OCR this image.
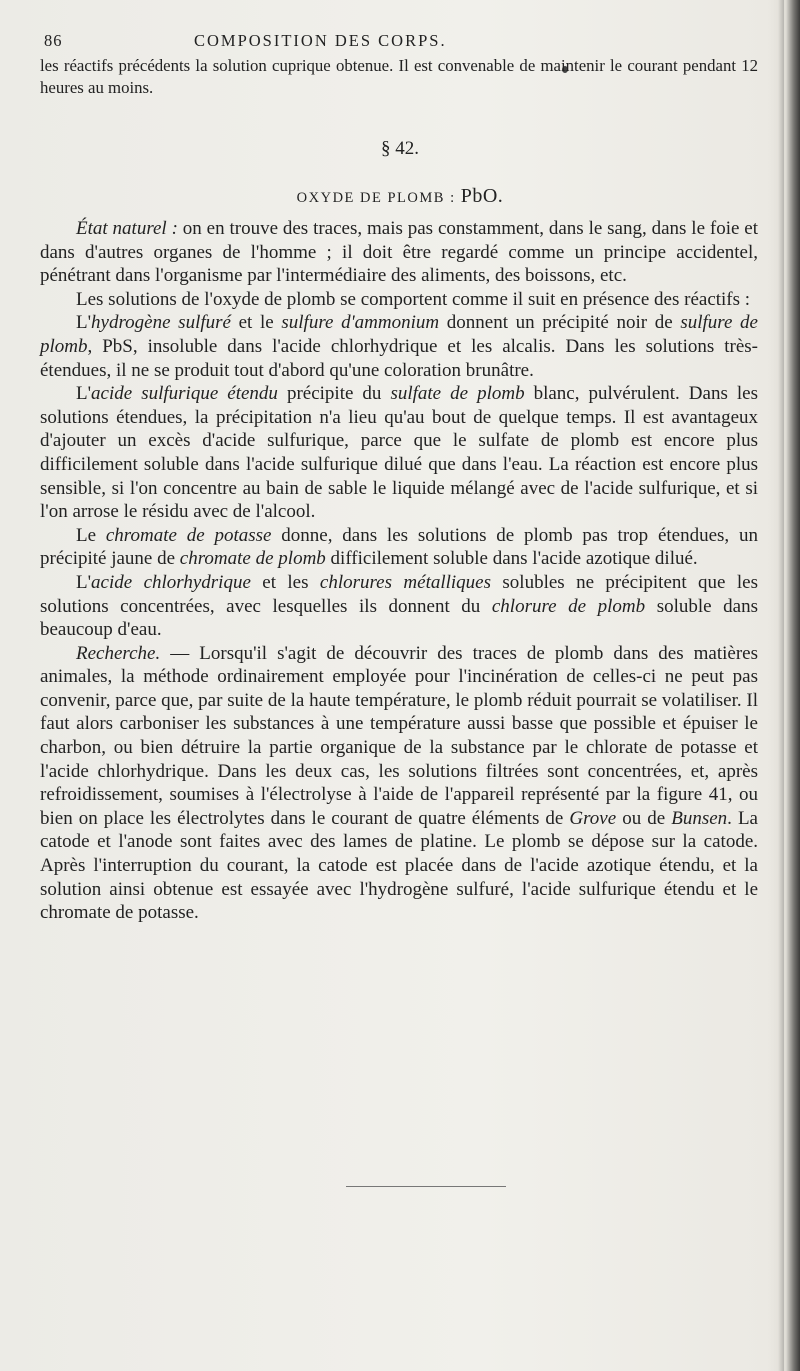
86	COMPOSITION DES CORPS.
les réactifs précédents la solution cuprique obtenue. Il est convenable de maintenir le courant pendant 12 heures au moins.
§ 42.
OXYDE DE PLOMB : PbO.

État naturel : on en trouve des traces, mais pas constamment, dans le sang, dans le foie et dans d'autres organes de l'homme ; il doit être regardé comme un principe accidentel, pénétrant dans l'organisme par l'intermédiaire des aliments, des boissons, etc.

Les solutions de l'oxyde de plomb se comportent comme il suit en présence des réactifs :

L'hydrogène sulfuré et le sulfure d'ammonium donnent un précipité noir de sulfure de plomb, PbS, insoluble dans l'acide chlorhydrique et les alcalis. Dans les solutions très-étendues, il ne se produit tout d'abord qu'une coloration brunâtre.

L'acide sulfurique étendu précipite du sulfate de plomb blanc, pulvérulent. Dans les solutions étendues, la précipitation n'a lieu qu'au bout de quelque temps. Il est avantageux d'ajouter un excès d'acide sulfurique, parce que le sulfate de plomb est encore plus difficilement soluble dans l'acide sulfurique dilué que dans l'eau. La réaction est encore plus sensible, si l'on concentre au bain de sable le liquide mélangé avec de l'acide sulfurique, et si l'on arrose le résidu avec de l'alcool.

Le chromate de potasse donne, dans les solutions de plomb pas trop étendues, un précipité jaune de chromate de plomb difficilement soluble dans l'acide azotique dilué.

L'acide chlorhydrique et les chlorures métalliques solubles ne précipitent que les solutions concentrées, avec lesquelles ils donnent du chlorure de plomb soluble dans beaucoup d'eau.

Recherche. — Lorsqu'il s'agit de découvrir des traces de plomb dans des matières animales, la méthode ordinairement employée pour l'incinération de celles-ci ne peut pas convenir, parce que, par suite de la haute température, le plomb réduit pourrait se volatiliser. Il faut alors carboniser les substances à une température aussi basse que possible et épuiser le charbon, ou bien détruire la partie organique de la substance par le chlorate de potasse et l'acide chlorhydrique. Dans les deux cas, les solutions filtrées sont concentrées, et, après refroidissement, soumises à l'électrolyse à l'aide de l'appareil représenté par la figure 41, ou bien on place les électrolytes dans le courant de quatre éléments de Grove ou de Bunsen. La catode et l'anode sont faites avec des lames de platine. Le plomb se dépose sur la catode. Après l'interruption du courant, la catode est placée dans de l'acide azotique étendu, et la solution ainsi obtenue est essayée avec l'hydrogène sulfuré, l'acide sulfurique étendu et le chromate de potasse.
